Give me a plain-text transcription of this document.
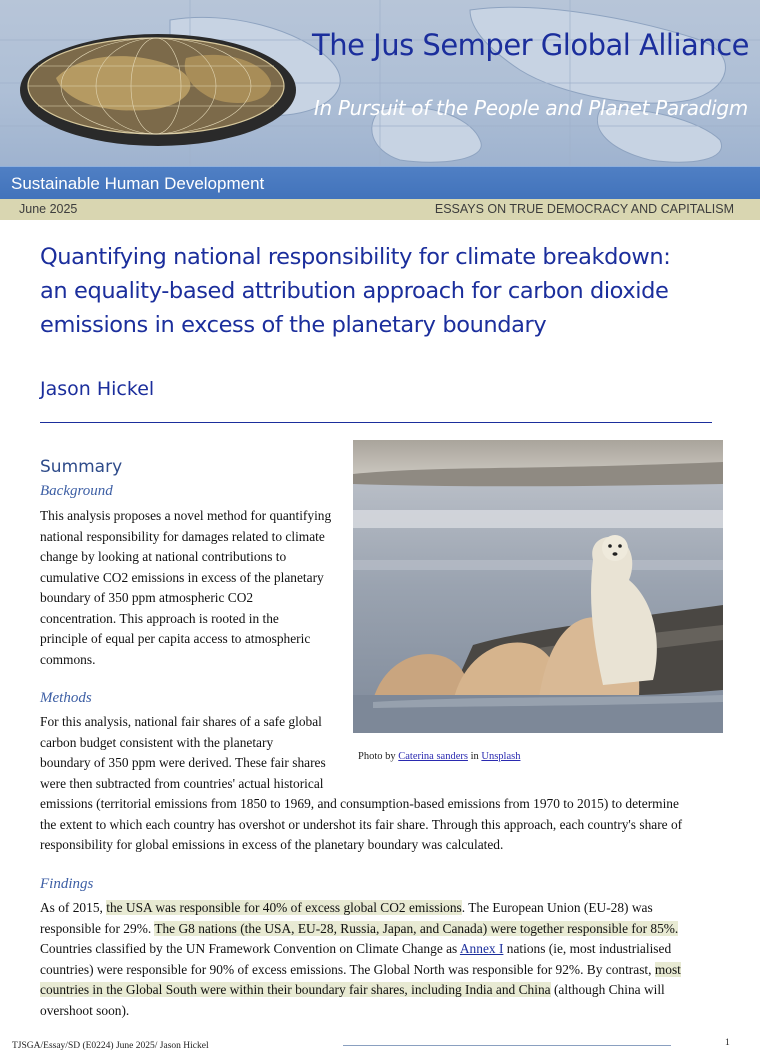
The Jus Semper Global Alliance
In Pursuit of the People and Planet Paradigm
Sustainable Human Development
June 2025	ESSAYS ON TRUE DEMOCRACY AND CAPITALISM
Quantifying national responsibility for climate breakdown:
an equality-based attribution approach for carbon dioxide
emissions in excess of the planetary boundary
Jason Hickel
Photo by Caterina sanders in Unsplash
Summary
Background
This analysis proposes a novel method for quantifying
national responsibility for damages related to climate
change by looking at national contributions to
cumulative CO2 emissions in excess of the planetary
boundary of 350 ppm atmospheric CO2
concentration. This approach is rooted in the
principle of equal per capita access to atmospheric
commons.
Methods
For this analysis, national fair shares of a safe global
carbon budget consistent with the planetary
boundary of 350 ppm were derived. These fair shares
were then subtracted from countries' actual historical
emissions (territorial emissions from 1850 to 1969, and consumption-based emissions from 1970 to 2015) to determine
the extent to which each country has overshot or undershot its fair share. Through this approach, each country's share of
responsibility for global emissions in excess of the planetary boundary was calculated.
Findings
As of 2015, the USA was responsible for 40% of excess global CO2 emissions. The European Union (EU-28) was
responsible for 29%. The G8 nations (the USA, EU-28, Russia, Japan, and Canada) were together responsible for 85%.
Countries classified by the UN Framework Convention on Climate Change as Annex I nations (ie, most industrialised
countries) were responsible for 90% of excess emissions. The Global North was responsible for 92%. By contrast, most
countries in the Global South were within their boundary fair shares, including India and China (although China will
overshoot soon).
TJSGA/Essay/SD (E0224) June 2025/ Jason Hickel	1
